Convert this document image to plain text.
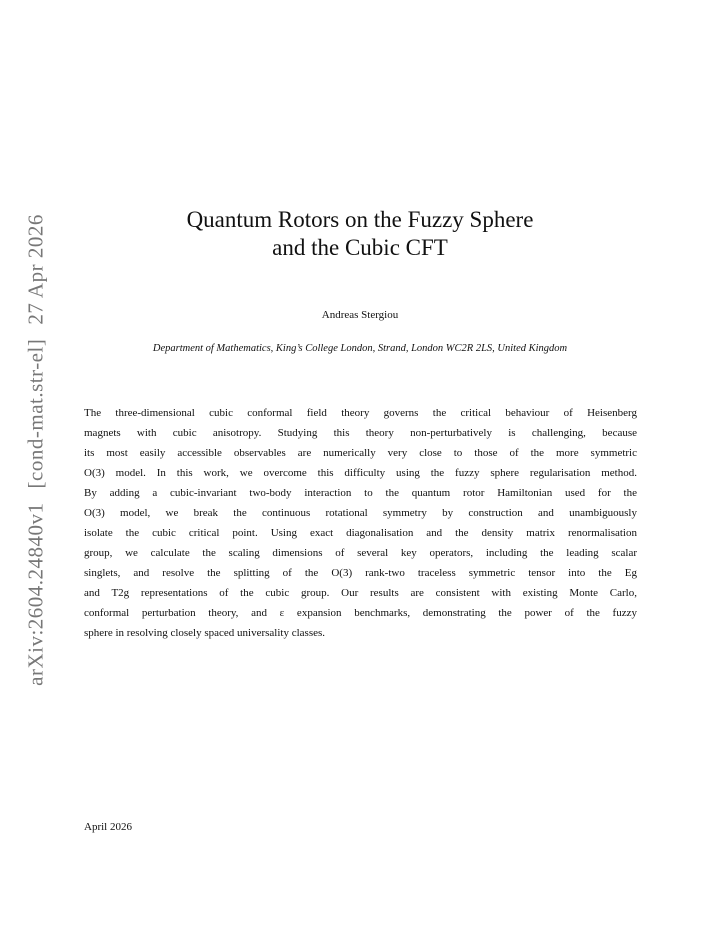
arXiv:2604.24840v1[cond-mat.str-el]27 Apr 2026	Quantum Rotors on the Fuzzy Sphere
and the Cubic CFT
Andreas Stergiou
Department of Mathematics, King’s College London, Strand, London WC2R 2LS, United Kingdom
The three-dimensional cubic conformal field theory governs the critical behaviour of Heisenberg
magnets with cubic anisotropy. Studying this theory non-perturbatively is challenging, because
its most easily accessible observables are numerically very close to those of the more symmetric
O(3) model. In this work, we overcome this difficulty using the fuzzy sphere regularisation method.
By adding a cubic-invariant two-body interaction to the quantum rotor Hamiltonian used for the
O(3) model, we break the continuous rotational symmetry by construction and unambiguously
isolate the cubic critical point. Using exact diagonalisation and the density matrix renormalisation
group, we calculate the scaling dimensions of several key operators, including the leading scalar
singlets, and resolve the splitting of the O(3) rank-two traceless symmetric tensor into the Eg
and T2g representations of the cubic group. Our results are consistent with existing Monte Carlo,
conformal perturbation theory, and ε expansion benchmarks, demonstrating the power of the fuzzy
sphere in resolving closely spaced universality classes.
April 2026
